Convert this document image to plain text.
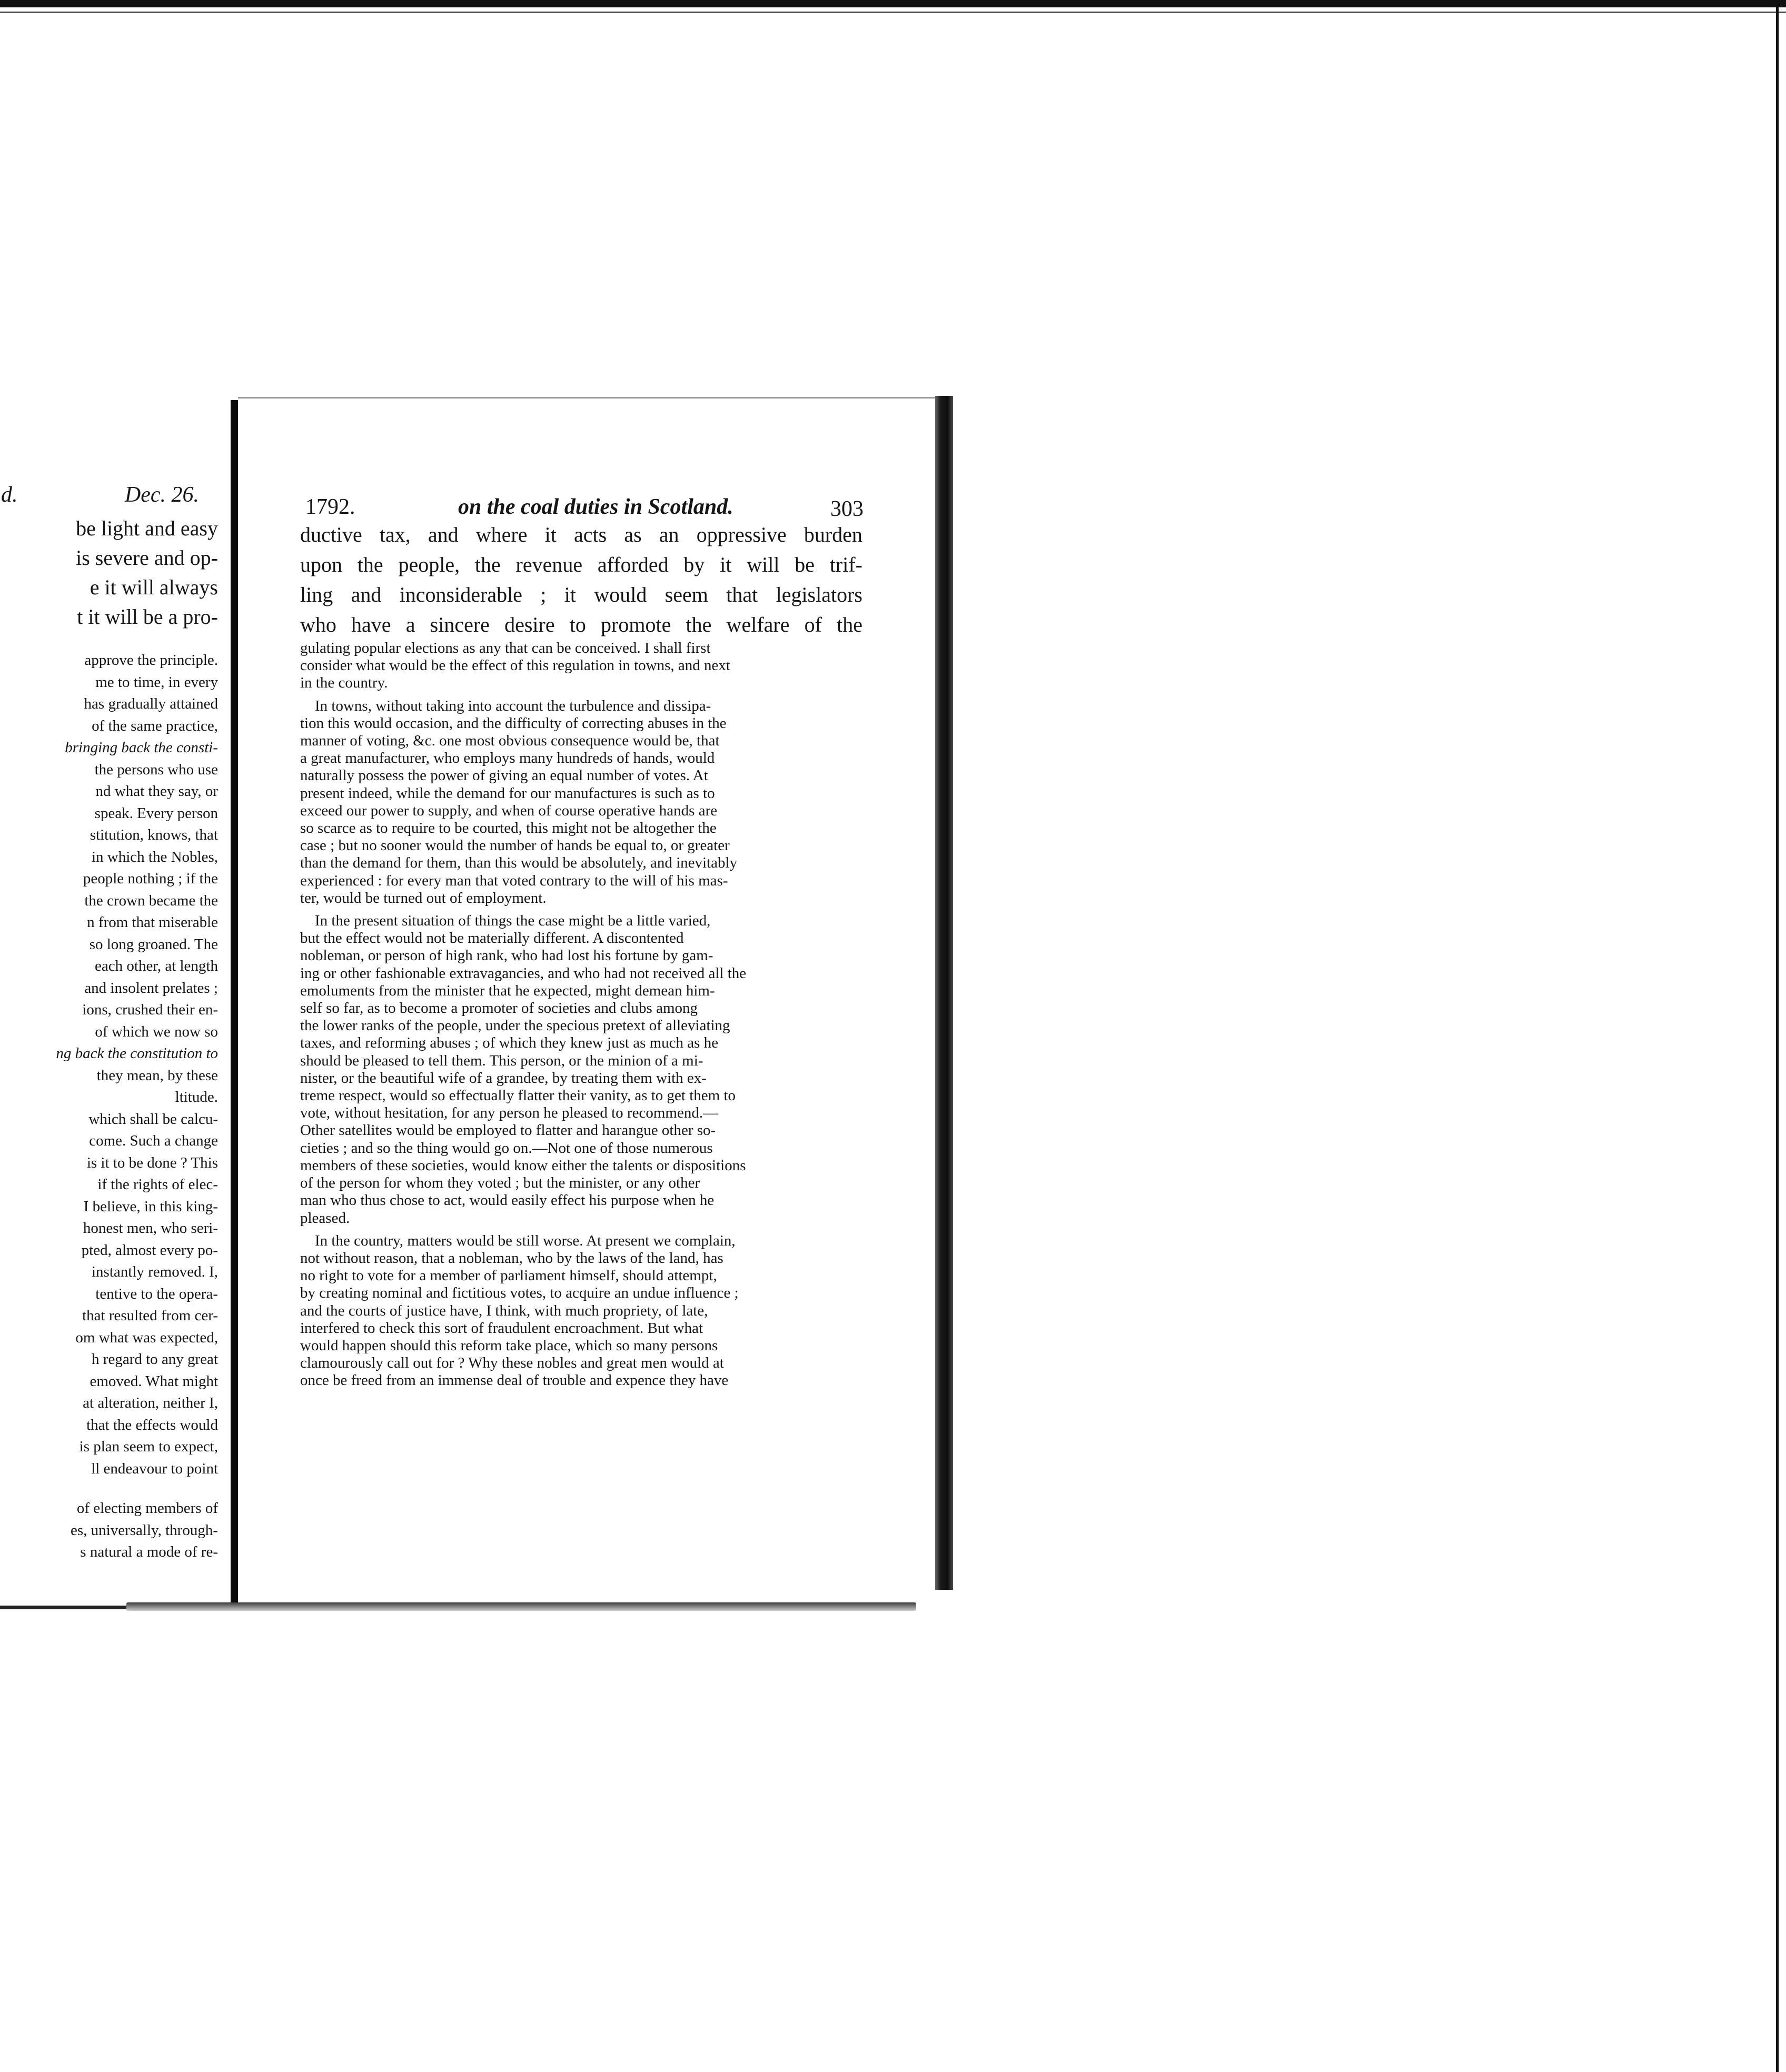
d.	Dec. 26.
be light and easy
is severe and op-
e it will always
t it will be a pro-
approve the principle.
me to time, in every
has gradually attained
of the same practice,
bringing back the consti-
the persons who use
nd what they say, or
speak. Every person
stitution, knows, that
in which the Nobles,
people nothing ; if the
the crown became the
n from that miserable
so long groaned. The
each other, at length
and insolent prelates ;
ions, crushed their en-
of which we now so
ng back the constitution to
they mean, by these
ltitude.
which shall be calcu-
come. Such a change
is it to be done ? This
if the rights of elec-
I believe, in this king-
honest men, who seri-
pted, almost every po-
instantly removed. I,
tentive to the opera-
that resulted from cer-
om what was expected,
h regard to any great
emoved. What might
at alteration, neither I,
that the effects would
is plan seem to expect,
ll endeavour to point
of electing members of
es, universally, through-
s natural a mode of re-
1792.	on the coal duties in Scotland.	303
ductive tax, and where it acts as an oppressive burden
upon the people, the revenue afforded by it will be trif-
ling and inconsiderable ; it would seem that legislators
who have a sincere desire to promote the welfare of the
gulating popular elections as any that can be conceived. I shall first
consider what would be the effect of this regulation in towns, and next
in the country.
In towns, without taking into account the turbulence and dissipa-
tion this would occasion, and the difficulty of correcting abuses in the
manner of voting, &c. one most obvious consequence would be, that
a great manufacturer, who employs many hundreds of hands, would
naturally possess the power of giving an equal number of votes. At
present indeed, while the demand for our manufactures is such as to
exceed our power to supply, and when of course operative hands are
so scarce as to require to be courted, this might not be altogether the
case ; but no sooner would the number of hands be equal to, or greater
than the demand for them, than this would be absolutely, and inevitably
experienced : for every man that voted contrary to the will of his mas-
ter, would be turned out of employment.
In the present situation of things the case might be a little varied,
but the effect would not be materially different. A discontented
nobleman, or person of high rank, who had lost his fortune by gam-
ing or other fashionable extravagancies, and who had not received all the
emoluments from the minister that he expected, might demean him-
self so far, as to become a promoter of societies and clubs among
the lower ranks of the people, under the specious pretext of alleviating
taxes, and reforming abuses ; of which they knew just as much as he
should be pleased to tell them. This person, or the minion of a mi-
nister, or the beautiful wife of a grandee, by treating them with ex-
treme respect, would so effectually flatter their vanity, as to get them to
vote, without hesitation, for any person he pleased to recommend.—
Other satellites would be employed to flatter and harangue other so-
cieties ; and so the thing would go on.—Not one of those numerous
members of these societies, would know either the talents or dispositions
of the person for whom they voted ; but the minister, or any other
man who thus chose to act, would easily effect his purpose when he
pleased.
In the country, matters would be still worse. At present we complain,
not without reason, that a nobleman, who by the laws of the land, has
no right to vote for a member of parliament himself, should attempt,
by creating nominal and fictitious votes, to acquire an undue influence ;
and the courts of justice have, I think, with much propriety, of late,
interfered to check this sort of fraudulent encroachment. But what
would happen should this reform take place, which so many persons
clamourously call out for ? Why these nobles and great men would at
once be freed from an immense deal of trouble and expence they have
